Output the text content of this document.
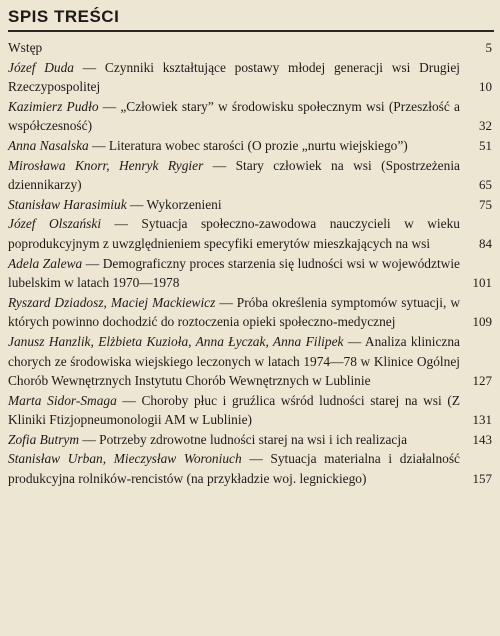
SPIS TREŚCI
Wstęp	5
Józef Duda — Czynniki kształtujące postawy młodej generacji wsi Drugiej Rzeczypospolitej	10
Kazimierz Pudło — „Człowiek stary” w środowisku społecznym wsi (Przeszłość a współczesność)	32
Anna Nasalska — Literatura wobec starości (O prozie „nurtu wiejskiego”)	51
Mirosława Knorr, Henryk Rygier — Stary człowiek na wsi (Spostrzeżenia dziennikarzy)	65
Stanisław Harasimiuk — Wykorzenieni	75
Józef Olszański — Sytuacja społeczno-zawodowa nauczycieli w wieku poprodukcyjnym z uwzględnieniem specyfiki emerytów mieszkających na wsi	84
Adela Zalewa — Demograficzny proces starzenia się ludności wsi w województwie lubelskim w latach 1970—1978	101
Ryszard Dziadosz, Maciej Mackiewicz — Próba określenia symptomów sytuacji, w których powinno dochodzić do roztoczenia opieki społeczno-medycznej	109
Janusz Hanzlik, Elżbieta Kuzioła, Anna Łyczak, Anna Filipek — Analiza kliniczna chorych ze środowiska wiejskiego leczonych w latach 1974—78 w Klinice Ogólnej Chorób Wewnętrznych Instytutu Chorób Wewnętrznych w Lublinie	127
Marta Sidor-Smaga — Choroby płuc i gruźlica wśród ludności starej na wsi (Z Kliniki Ftizjopneumonologii AM w Lublinie)	131
Zofia Butrym — Potrzeby zdrowotne ludności starej na wsi i ich realizacja	143
Stanisław Urban, Mieczysław Woroniuch — Sytuacja materialna i działalność produkcyjna rolników-rencistów (na przykładzie woj. legnickiego)	157
